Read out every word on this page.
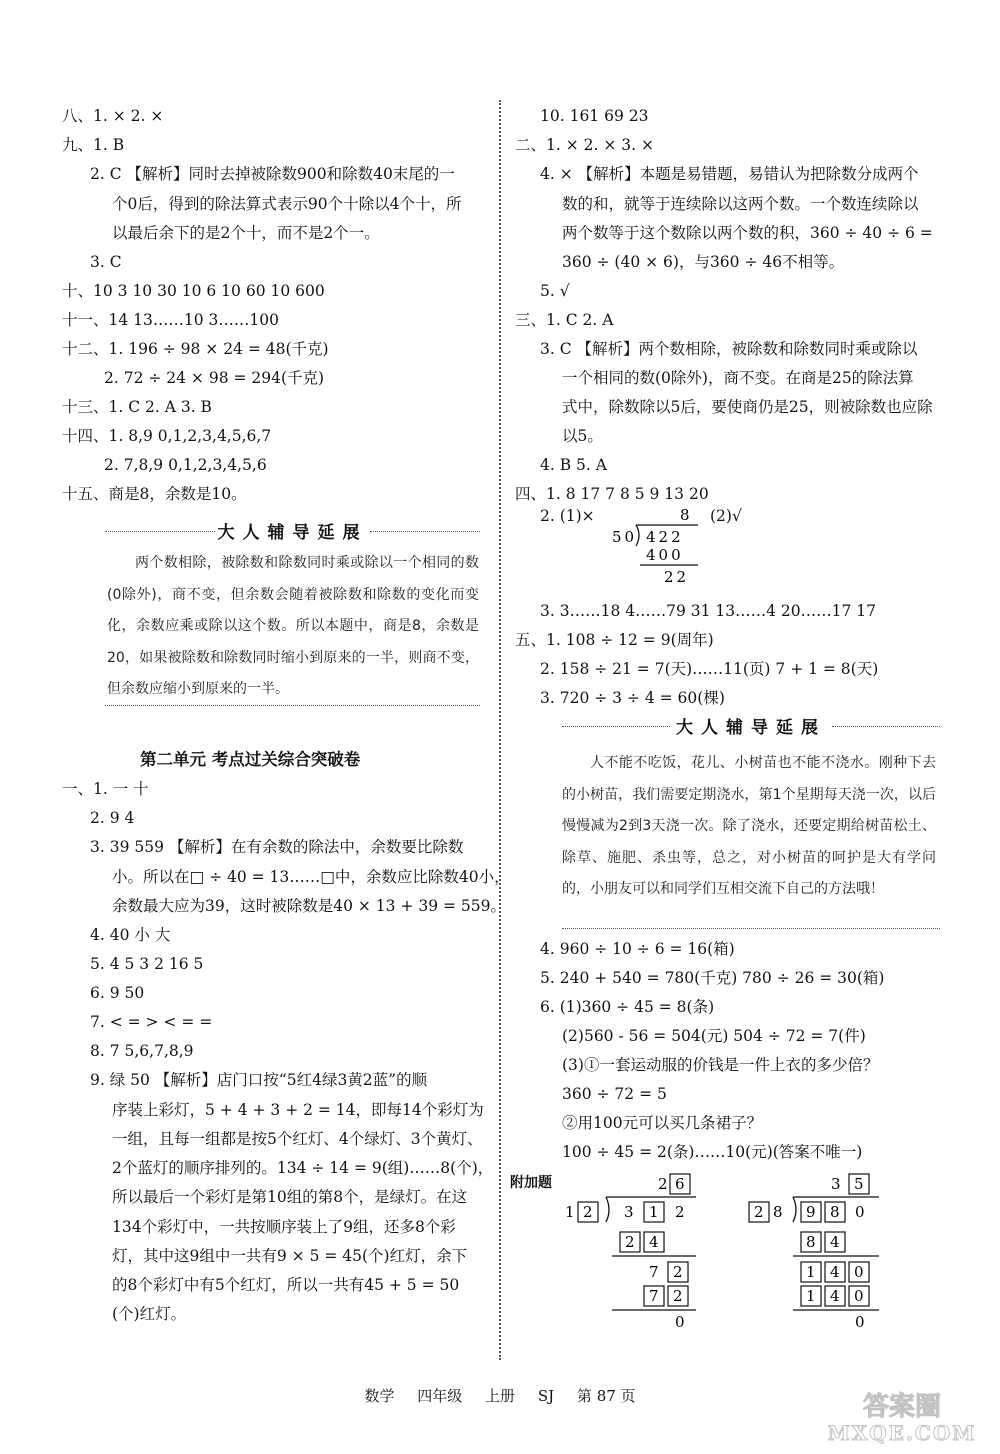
八、1. × 2. ×
九、1. B
2. C 【解析】同时去掉被除数900和除数40末尾的一
个0后，得到的除法算式表示90个十除以4个十，所
以最后余下的是2个十，而不是2个一。
3. C
十、10 3 10 30 10 6 10 60 10 600
十一、14 13……10 3……100
十二、1. 196 ÷ 98 × 24 = 48(千克)
2. 72 ÷ 24 × 98 = 294(千克)
十三、1. C 2. A 3. B
十四、1. 8,9 0,1,2,3,4,5,6,7
2. 7,8,9 0,1,2,3,4,5,6
十五、商是8，余数是10。
大人辅导延展
两个数相除，被除数和除数同时乘或除以一个相同的数(0除外)，商不变，但余数会随着被除数和除数的变化而变化，余数应乘或除以这个数。所以本题中，商是8，余数是20，如果被除数和除数同时缩小到原来的一半，则商不变，但余数应缩小到原来的一半。
第二单元 考点过关综合突破卷
一、1. 一 十
2. 9 4
3. 39 559 【解析】在有余数的除法中，余数要比除数
小。所以在□ ÷ 40 = 13……□中，余数应比除数40小，
余数最大应为39，这时被除数是40 × 13 + 39 = 559。
4. 40 小 大
5. 4 5 3 2 16 5
6. 9 50
7. < = > < = =
8. 7 5,6,7,8,9
9. 绿 50 【解析】店门口按“5红4绿3黄2蓝”的顺
序装上彩灯，5 + 4 + 3 + 2 = 14，即每14个彩灯为
一组，且每一组都是按5个红灯、4个绿灯、3个黄灯、
2个蓝灯的顺序排列的。134 ÷ 14 = 9(组)……8(个)，
所以最后一个彩灯是第10组的第8个，是绿灯。在这
134个彩灯中，一共按顺序装上了9组，还多8个彩
灯，其中这9组中一共有9 × 5 = 45(个)红灯，余下
的8个彩灯中有5个红灯，所以一共有45 + 5 = 50
(个)红灯。
10. 161 69 23
二、1. × 2. × 3. ×
4. × 【解析】本题是易错题，易错认为把除数分成两个
数的和，就等于连续除以这两个数。一个数连续除以
两个数等于这个数除以两个数的积，360 ÷ 40 ÷ 6 =
360 ÷ (40 × 6)，与360 ÷ 46不相等。
5. √
三、1. C 2. A
3. C 【解析】两个数相除，被除数和除数同时乘或除以
一个相同的数(0除外)，商不变。在商是25的除法算
式中，除数除以5后，要使商仍是25，则被除数也应除
以5。
4. B 5. A
四、1. 8 17 7 8 5 9 13 20
3. 3……18 4……79 31 13……4 20……17 17
五、1. 108 ÷ 12 = 9(周年)
2. 158 ÷ 21 = 7(天)……11(页) 7 + 1 = 8(天)
3. 720 ÷ 3 ÷ 4 = 60(棵)
2. (1)×	(2)√
8
50 422
400
22
大人辅导延展
人不能不吃饭，花儿、小树苗也不能不浇水。刚种下去的小树苗，我们需要定期浇水，第1个星期每天浇一次，以后慢慢减为2到3天浇一次。除了浇水，还要定期给树苗松土、除草、施肥、杀虫等，总之，对小树苗的呵护是大有学问的，小朋友可以和同学们互相交流下自己的方法哦！
4. 960 ÷ 10 ÷ 6 = 16(箱)
5. 240 + 540 = 780(千克) 780 ÷ 26 = 30(箱)
6. (1)360 ÷ 45 = 8(条)
(2)560 - 56 = 504(元) 504 ÷ 72 = 7(件)
(3)①一套运动服的价钱是一件上衣的多少倍？
360 ÷ 72 = 5
②用100元可以买几条裙子？
100 ÷ 45 = 2(条)……10(元)(答案不唯一)
附加题	2 6
1 2 3 1 2
2 4
7 2
7 2
0
3 5
2 8 9 8 0
8 4
1 4 0
1 4 0
0
数学 四年级 上册 SJ 第 87 页	答案圈
MXQE.COM
